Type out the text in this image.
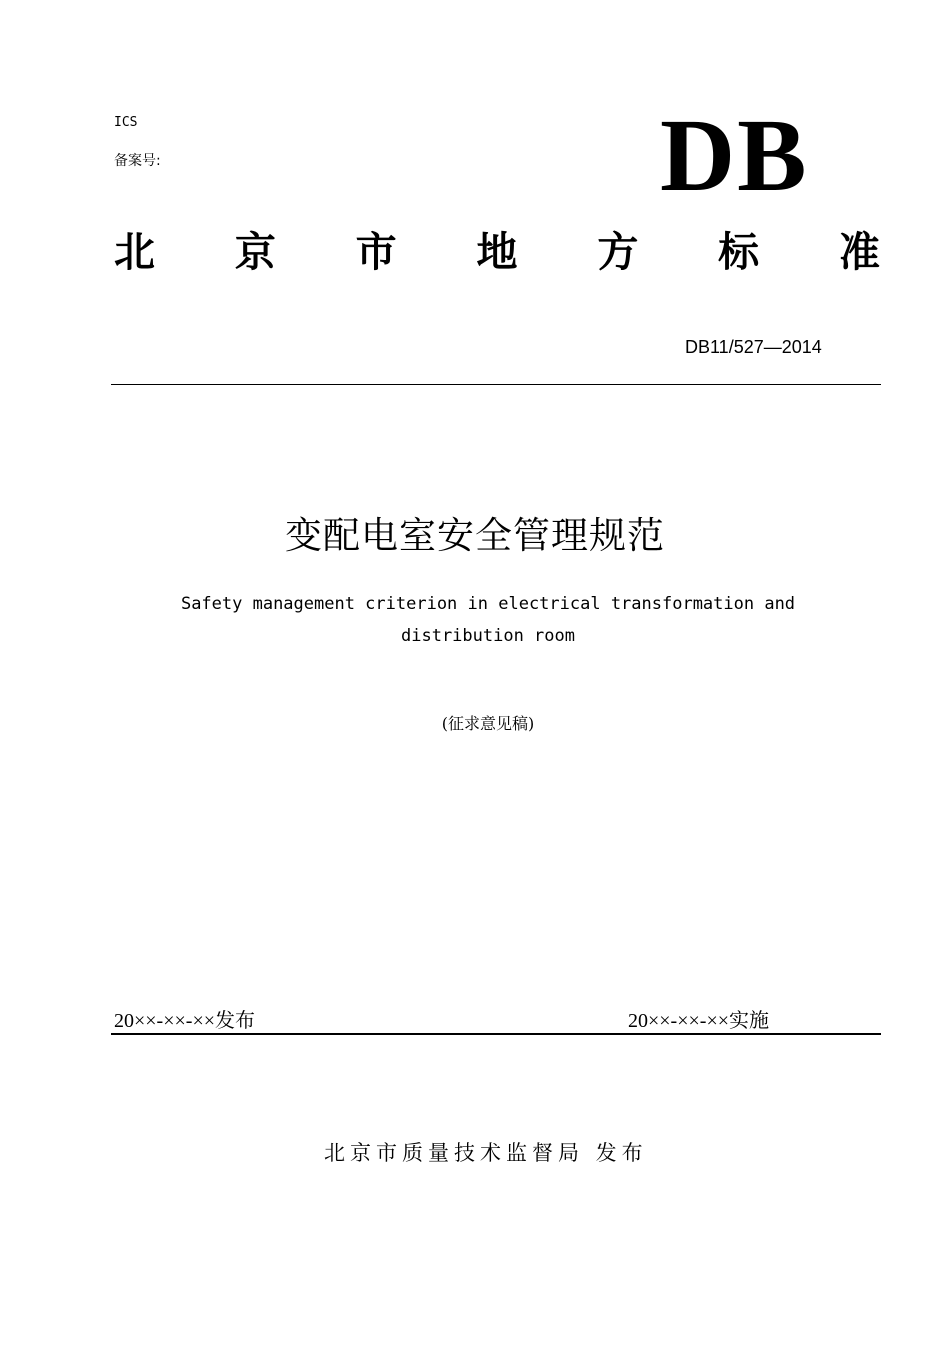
ICS
备案号:	DB
北 京 市 地 方 标 准
DB11/527—2014
变配电室安全管理规范
Safety management criterion in electrical transformation and
distribution room
(征求意见稿)
20××-××-××发布	20××-××-××实施
北京市质量技术监督局 发布
